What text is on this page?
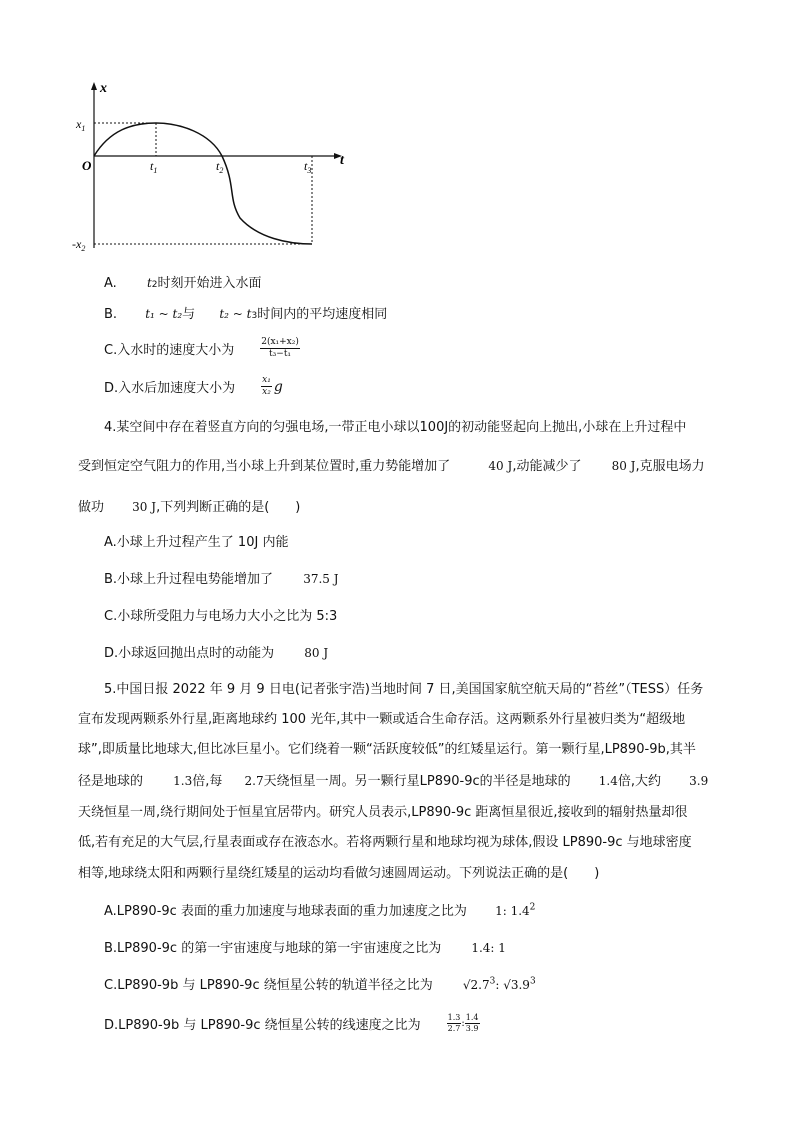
x
t
O
$x_1$
$-x_2$
$t_1$	$t_2$	$t_3$
A.	t2时刻开始进入水面
B. t₁ ~ t₂与 t₂ ~ t3时间内的平均速度相同
C.入水时的速度大小为	$\frac{\text{2(x₁+x₂)}}{\text{t₃−t₁}}$
D.入水后加速度大小为	$\frac{\text{x₁}}{\text{x₂}}$ g
4.某空间中存在着竖直方向的匀强电场,一带正电小球以100J的初动能竖起向上抛出,小球在上升过程中
受到恒定空气阻力的作用,当小球上升到某位置时,重力势能增加了	40 J,动能减少了	80 J,克服电场力
做功 30 J,下列判断正确的是(　　)
A.小球上升过程产生了 10J 内能
B.小球上升过程电势能增加了	37.5 J
C.小球所受阻力与电场力大小之比为 5:3
D.小球返回抛出点时的动能为	80 J
5.中国日报 2022 年 9 月 9 日电(记者张宇浩)当地时间 7 日,美国国家航空航天局的“苔丝”（TESS）任务
宣布发现两颗系外行星,距离地球约 100 光年,其中一颗或适合生命存活。这两颗系外行星被归类为“超级地
球”,即质量比地球大,但比冰巨星小。它们绕着一颗“活跃度较低”的红矮星运行。第一颗行星,LP890-9b,其半
径是地球的	1.3倍,每 2.7天绕恒星一周。另一颗行星LP890-9c的半径是地球的 1.4倍,大约 3.9
天绕恒星一周,绕行期间处于恒星宜居带内。研究人员表示,LP890-9c 距离恒星很近,接收到的辐射热量却很
低,若有充足的大气层,行星表面或存在液态水。若将两颗行星和地球均视为球体,假设 LP890-9c 与地球密度
相等,地球绕太阳和两颗行星绕红矮星的运动均看做匀速圆周运动。下列说法正确的是(　　)
A.LP890-9c 表面的重力加速度与地球表面的重力加速度之比为 1: $1.4^2$
B.LP890-9c 的第一宇宙速度与地球的第一宇宙速度之比为	1.4: 1
C.LP890-9b 与 LP890-9c 绕恒星公转的轨道半径之比为	$√2.7^3$: $√3.9^3$
D.LP890-9b 与 LP890-9c 绕恒星公转的线速度之比为	$\frac{1.3}{2.7}$ : $\frac{1.4}{3.9}$
